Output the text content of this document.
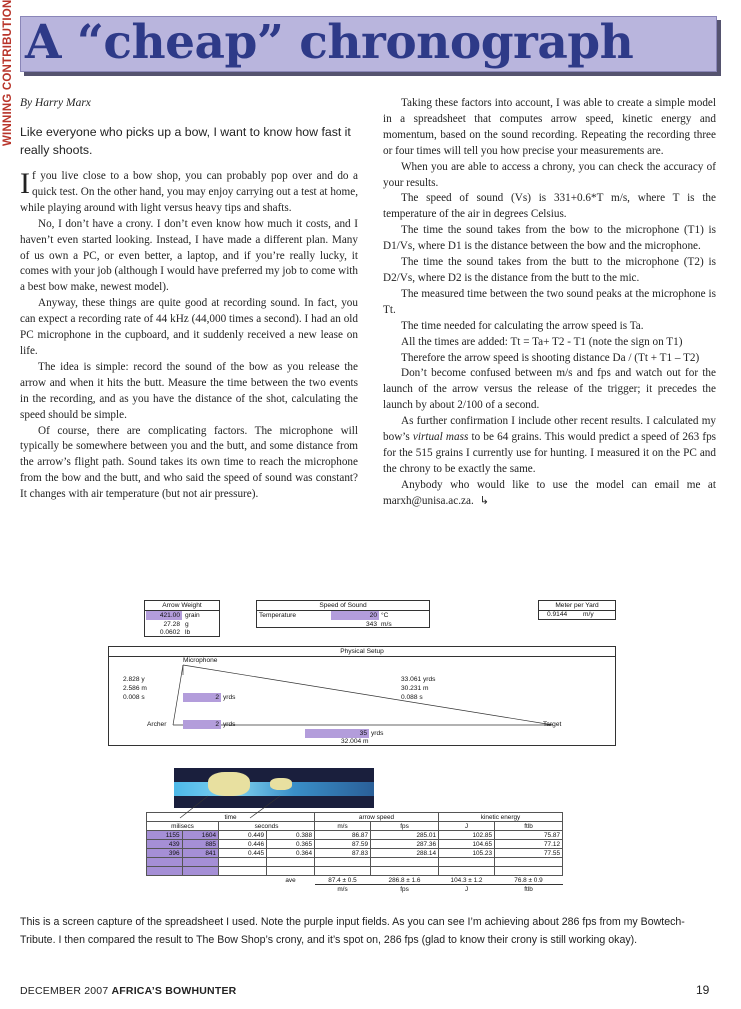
WINNING CONTRIBUTION A “cheap” chronograph
By Harry Marx
Like everyone who picks up a bow, I want to know how fast it really shoots.

If you live close to a bow shop, you can probably pop over and do a quick test. On the other hand, you may enjoy carrying out a test at home, while playing around with light versus heavy tips and shafts.

No, I don’t have a crony. I don’t even know how much it costs, and I haven’t even started looking. Instead, I have made a different plan. Many of us own a PC, or even better, a laptop, and if you’re really lucky, it comes with your job (although I would have preferred my job to come with a best bow make, newest model).

Anyway, these things are quite good at recording sound. In fact, you can expect a recording rate of 44 kHz (44,000 times a second). I had an old PC microphone in the cupboard, and it suddenly received a new lease on life.

The idea is simple: record the sound of the bow as you release the arrow and when it hits the butt. Measure the time between the two events in the recording, and as you have the distance of the shot, calculating the speed should be simple.

Of course, there are complicating factors. The microphone will typically be somewhere between you and the butt, and some distance from the arrow’s flight path. Sound takes its own time to reach the microphone from the bow and the butt, and who said the speed of sound was constant? It changes with air temperature (but not air pressure).

Taking these factors into account, I was able to create a simple model in a spreadsheet that computes arrow speed, kinetic energy and momentum, based on the sound recording. Repeating the recording three or four times will tell you how precise your measurements are.

When you are able to access a chrony, you can check the accuracy of your results.

The speed of sound (Vs) is 331+0.6*T m/s, where T is the temperature of the air in degrees Celsius.

The time the sound takes from the bow to the microphone (T1) is D1/Vs, where D1 is the distance between the bow and the microphone.

The time the sound takes from the butt to the microphone (T2) is D2/Vs, where D2 is the distance from the butt to the mic.

The measured time between the two sound peaks at the microphone is Tt.

The time needed for calculating the arrow speed is Ta.

All the times are added: Tt = Ta+ T2 - T1 (note the sign on T1)

Therefore the arrow speed is shooting distance Da / (Tt + T1 – T2)

Don’t become confused between m/s and fps and watch out for the launch of the arrow versus the release of the trigger; it precedes the launch by about 2/100 of a second.

As further confirmation I include other recent results. I calculated my bow’s virtual mass to be 64 grains. This would predict a speed of 263 fps for the 515 grains I currently use for hunting. I measured it on the PC and the chrony to be exactly the same.

Anybody who would like to use the model can email me at marxh@unisa.ac.za. ↳

Arrow Weight
421.00 grain
27.28 g
0.0602 lb
Speed of Sound
Temperature	20 °C
343 m/s
Meter per Yard
0.9144 m/y
Physical Setup
Microphone
2.828 y
2.586 m
0.008 s
33.061 yrds
30.231 m
0.088 s
2 yrds
Archer	2 yrds	Target
35 yrds
32.004 m
time				arrow speed		kinetic energy	
milisecs		seconds		m/s	fps	J	ftlb
1155	1604	0.449	0.388	86.87	285.01	102.85	75.87
439	885	0.446	0.365	87.59	287.36	104.65	77.12
396	841	0.445	0.364	87.83	288.14	105.23	77.55

			ave	87.4 ± 0.5	286.8 ± 1.6	104.3 ± 1.2	76.8 ± 0.9
				m/s	fps	J	ftlb
This is a screen capture of the spreadsheet I used. Note the purple input fields. As you can see I’m achieving about 286 fps from my Bowtech-Tribute. I then compared the result to The Bow Shop’s crony, and it’s spot on, 286 fps (glad to know their crony is still working okay).
DECEMBER 2007 AFRICA’S BOWHUNTER	19
